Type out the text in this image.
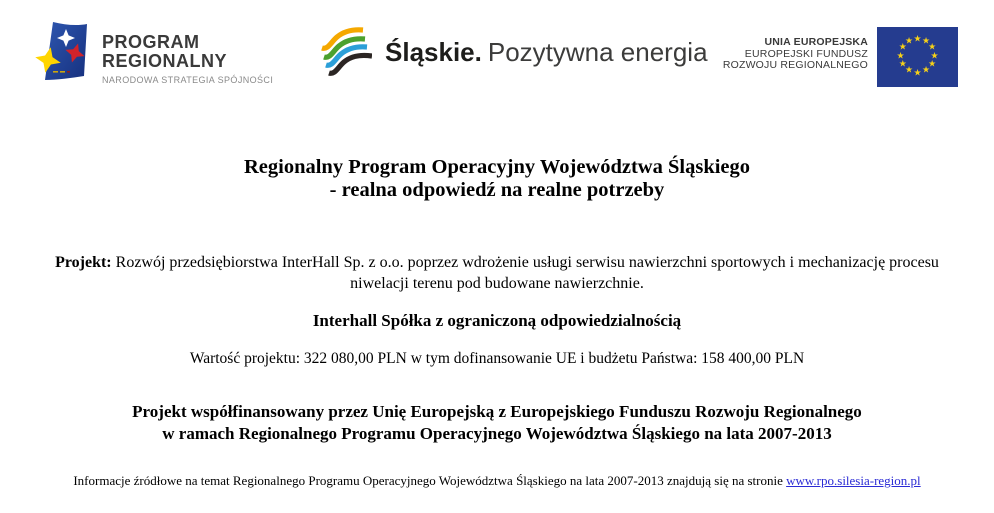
PROGRAM
REGIONALNY
NARODOWA STRATEGIA SPÓJNOŚCI
Śląskie. Pozytywna energia	UNIA EUROPEJSKA
EUROPEJSKI FUNDUSZ
ROZWOJU REGIONALNEGO
★ ★
★
★
★
★
★
★
★
★
★
★
Regionalny Program Operacyjny Województwa Śląskiego
- realna odpowiedź na realne potrzeby
Projekt: Rozwój przedsiębiorstwa InterHall Sp. z o.o. poprzez wdrożenie usługi serwisu nawierzchni sportowych i mechanizację procesu
niwelacji terenu pod budowane nawierzchnie.
Interhall Spółka z ograniczoną odpowiedzialnością
Wartość projektu: 322 080,00 PLN w tym dofinansowanie UE i budżetu Państwa: 158 400,00 PLN
Projekt współfinansowany przez Unię Europejską z Europejskiego Funduszu Rozwoju Regionalnego
w ramach Regionalnego Programu Operacyjnego Województwa Śląskiego na lata 2007-2013
Informacje źródłowe na temat Regionalnego Programu Operacyjnego Województwa Śląskiego na lata 2007-2013 znajdują się na stronie www.rpo.silesia-region.pl
